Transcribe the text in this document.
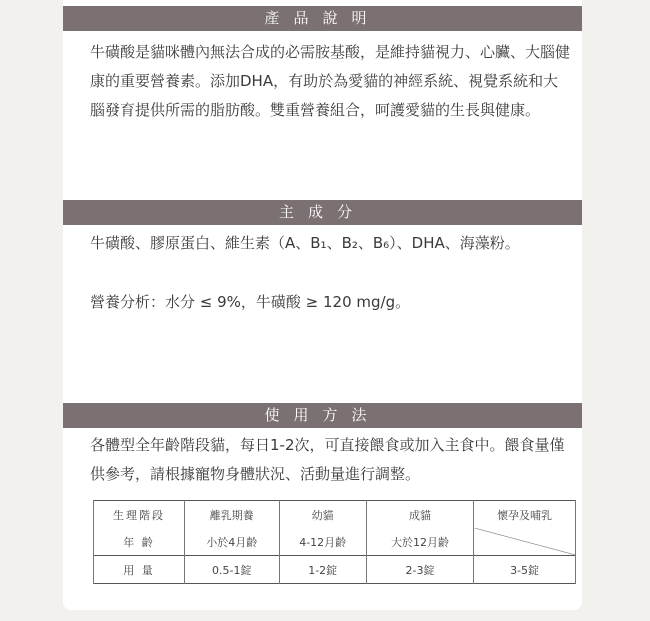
產品說明

牛磺酸是貓咪體內無法合成的必需胺基酸，是維持貓視力、心臟、大腦健康的重要營養素。添加DHA，有助於為愛貓的神經系統、視覺系統和大腦發育提供所需的脂肪酸。雙重營養組合，呵護愛貓的生長與健康。

主成分

牛磺酸、膠原蛋白、維生素（A、B₁、B₂、B₆）、DHA、海藻粉。

營養分析：水分 ≤ 9%，牛磺酸 ≥ 120 mg/g。

使用方法

各體型全年齡階段貓，每日1-2次，可直接餵食或加入主食中。餵食量僅供參考，請根據寵物身體狀況、活動量進行調整。

生理階段	離乳期養	幼貓	成貓	懷孕及哺乳
年 齡	小於4月齡	4-12月齡	大於12月齡	
用 量	0.5-1錠	1-2錠	2-3錠	3-5錠
